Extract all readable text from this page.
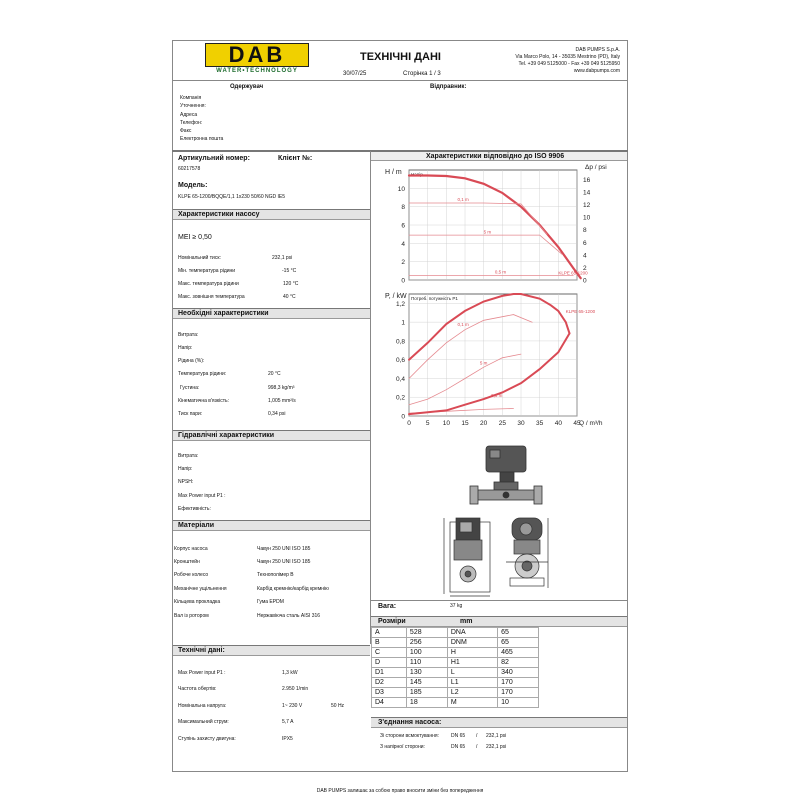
DAB
WATER•TECHNOLOGY
ТЕХНІЧНІ ДАНІ
30/07/25	Сторінка 1 / 3
DAB PUMPS S.p.A.
Via Marco Polo, 14 - 35035 Mestrino (PD), Italy
Tel. +39 049 5125000 - Fax +39 049 5125950
www.dabpumps.com
Одержувач	Відправник:
Компанія
Уточнення:
Адреса
Телефон:
Факс
Електронна пошта
Артикульний номер:	Клієнт №:
60217578
Модель:
KLPE 65-1200/BQQE/1,1 1x230 50/60 NGD IE5
Характеристики насосу
MEI ≥ 0,50
Номінальний тиск:	232,1 psi
Мін. температура рідини	-15 °C
Макс. температура рідини	120 °C
Макс. зовнішня температура	40 °C
Необхідні характеристики
Витрата:
Напір:
Рідина (%):
Температура рідини:	20 °C
Густина:	998,3 kg/m³
Кінематична в'язкість:	1,005 mm²/s
Тиск пари:	0,34 psi
Гідравлічні характеристики
Витрата:
Напір:
NPSH:
Max Power input P1 :
Ефективність:
Матеріали
Корпус насоса	Чавун 250 UNI ISO 185
Кронштейн	Чавун 250 UNI ISO 185
Робоче колесо	Технополімер B
Механічне ущільнення	Карбід кремнію/карбід кремнію
Кільцева прокладка	Гума EPDM
Вал із ротором	Нержавіюча сталь AISI 316
Технічні дані:
Max Power input P1 :	1,3 kW
Частота обертів:	2.950 1/min
Номінальна напруга:	1~ 230 V	50 Hz
Максимальний струм:	5,7 A
Ступінь захисту двигуна:	IPX5
Характеристики відповідно до ISO 9906
0
2
4
6
8
10
0
2
4
6
8
10
12
14
16
Δp / psi
H / m Напір
0,1 m
5 m
0,5 m	KLPE 65-1200
0
0,2
0,4
0,6
0,8
1
1,2
P, / kW Потреб. потужність P1
0,1 m
5 m
0,5 m
KLPE 65-1200
0 5 10 15 20 25 30 35 40 45
Q / m³/h
Вага:	37 kg
Розміри	mm
A	528	DNA	65
B	256	DNM	65
C	100	H	465
D	110	H1	82
D1	130	L	340
D2	145	L1	170
D3	185	L2	170
D4	18	M	10
З'єднання насоса:
Зі сторони всмоктування: DN 65 / 232,1 psi
З напірної сторони:	DN 65 / 232,1 psi
DAB PUMPS залишає за собою право вносити зміни без попередження
